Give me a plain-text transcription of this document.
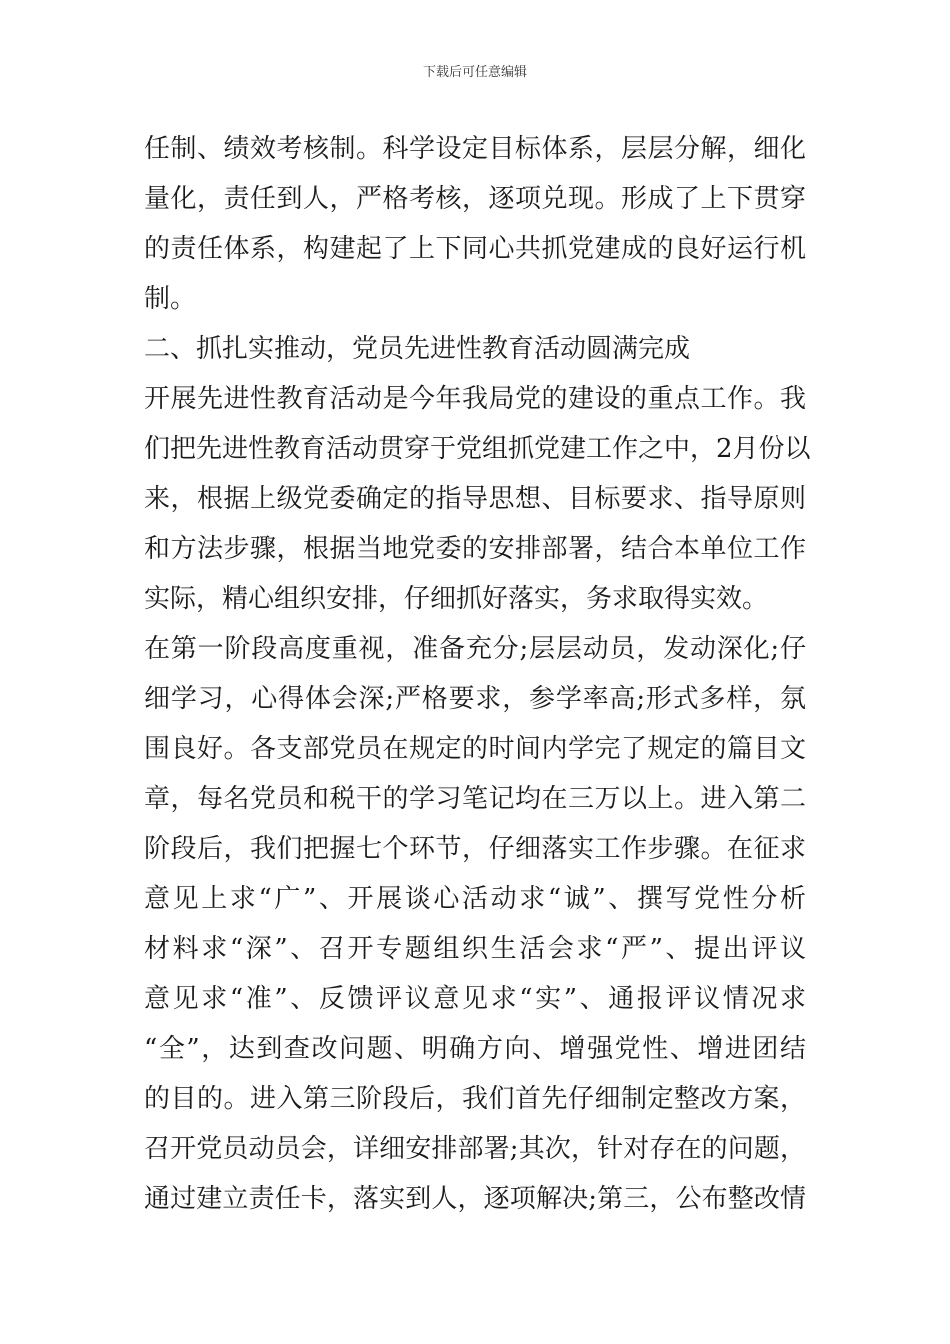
下载后可任意编辑
任制、绩效考核制。科学设定目标体系，层层分解，细化
量化，责任到人，严格考核，逐项兑现。形成了上下贯穿
的责任体系，构建起了上下同心共抓党建成的良好运行机
制。
二、抓扎实推动，党员先进性教育活动圆满完成
开展先进性教育活动是今年我局党的建设的重点工作。我
们把先进性教育活动贯穿于党组抓党建工作之中，2月份以
来，根据上级党委确定的指导思想、目标要求、指导原则
和方法步骤，根据当地党委的安排部署，结合本单位工作
实际，精心组织安排，仔细抓好落实，务求取得实效。
在第一阶段高度重视，准备充分;层层动员，发动深化;仔
细学习，心得体会深;严格要求，参学率高;形式多样，氛
围良好。各支部党员在规定的时间内学完了规定的篇目文
章，每名党员和税干的学习笔记均在三万以上。进入第二
阶段后，我们把握七个环节，仔细落实工作步骤。在征求
意见上求“广”、开展谈心活动求“诚”、撰写党性分析
材料求“深”、召开专题组织生活会求“严”、提出评议
意见求“准”、反馈评议意见求“实”、通报评议情况求
“全”，达到查改问题、明确方向、增强党性、增进团结
的目的。进入第三阶段后，我们首先仔细制定整改方案，
召开党员动员会，详细安排部署;其次，针对存在的问题，
通过建立责任卡，落实到人，逐项解决;第三，公布整改情
